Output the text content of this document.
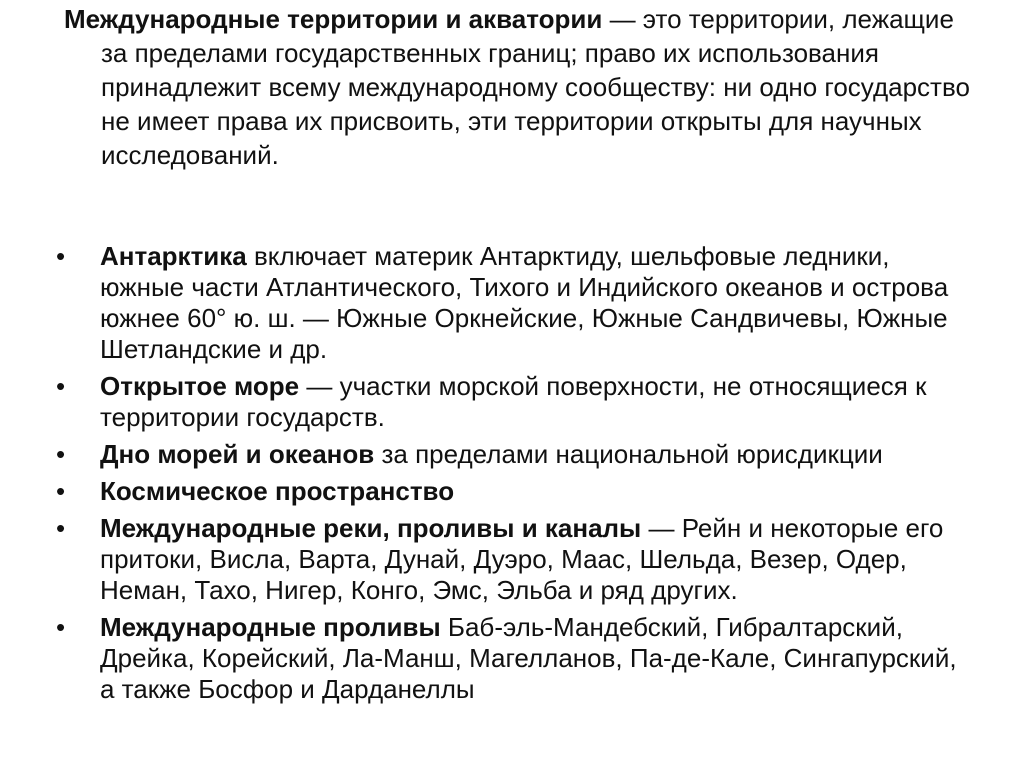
Международные территории и акватории — это территории, лежащие за пределами государственных границ; право их использования принадлежит всему международному сообществу: ни одно государство не имеет права их присвоить, эти территории открыты для научных исследований.

• Антарктика включает материк Антарктиду, шельфовые ледники, южные части Атлантического, Тихого и Индийского океанов и острова южнее 60° ю. ш. — Южные Оркнейские, Южные Сандвичевы, Южные Шетландские и др.
• Открытое море — участки морской поверхности, не относящиеся к территории государств.
• Дно морей и океанов за пределами национальной юрисдикции
• Космическое пространство
• Международные реки, проливы и каналы — Рейн и некоторые его притоки, Висла, Варта, Дунай, Дуэро, Маас, Шельда, Везер, Одер, Неман, Тахо, Нигер, Конго, Эмс, Эльба и ряд других.
• Международные проливы Баб-эль-Мандебский, Гибралтарский, Дрейка, Корейский, Ла-Манш, Магелланов, Па-де-Кале, Сингапурский, а также Босфор и Дарданеллы
